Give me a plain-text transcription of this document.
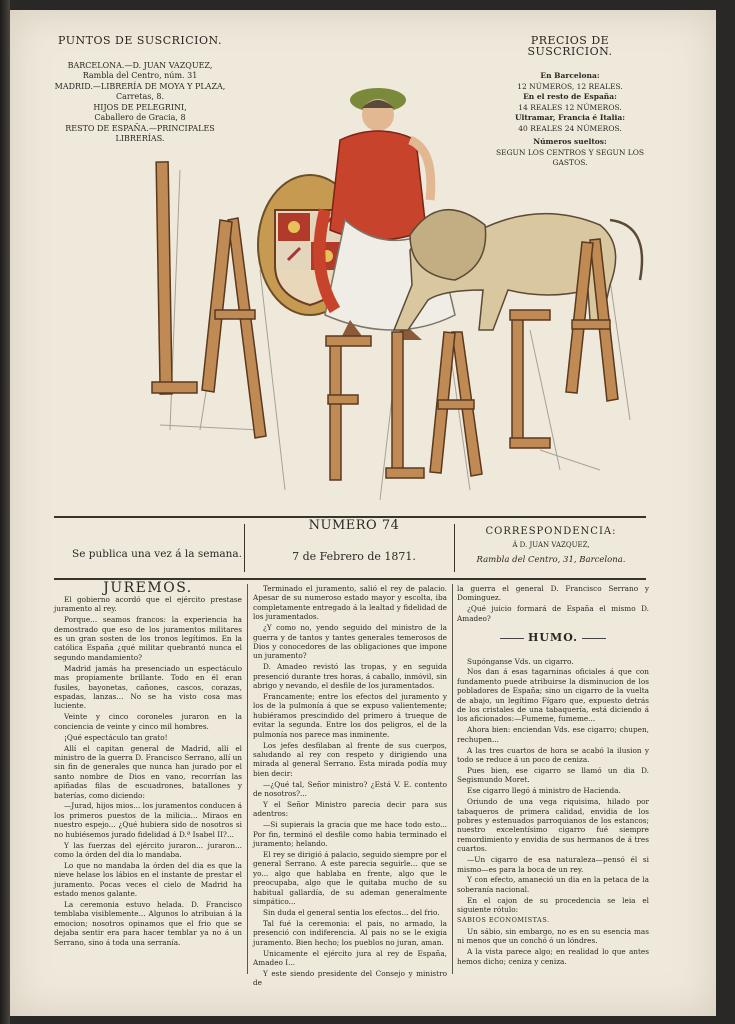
PUNTOS DE SUSCRICION.
BARCELONA.—D. JUAN VAZQUEZ,
Rambla del Centro, núm. 31
MADRID.—LIBRERÍA DE MOYA Y PLAZA,
Carretas, 8.
HIJOS DE PELEGRINI,
Caballero de Gracia, 8
RESTO DE ESPAÑA.—PRINCIPALES
LIBRERÍAS.
PRECIOS DE SUSCRICION.
En Barcelona:
12 NÚMEROS, 12 REALES.
En el resto de España:
14 REALES 12 NÚMEROS.
Ultramar, Francia é Italia:
40 REALES 24 NÚMEROS.
Números sueltos:
SEGUN LOS CENTROS Y SEGUN LOS GASTOS.
LA FLACA
Se publica una vez á la semana.
NÚMERO 74
7 de Febrero de 1871.
CORRESPONDENCIA:
Á D. JUAN VAZQUEZ,
Rambla del Centro, 31, Barcelona.

JUREMOS.

El gobierno acordó que el ejército prestase juramento al rey.

Porque... seamos francos: la experiencia ha demostrado que eso de los juramentos militares es un gran sosten de los tronos legítimos. En la católica España ¿qué militar quebrantó nunca el segundo mandamiento?

Madrid jamás ha presenciado un espectáculo mas propiamente brillante. Todo en él eran fusiles, bayonetas, cañones, cascos, corazas, espadas, lanzas... No se ha visto cosa mas luciente.

Veinte y cinco coroneles juraron en la conciencia de veinte y cinco mil hombres.

¡Qué espectáculo tan grato!

Allí el capitan general de Madrid, allí el ministro de la guerra D. Francisco Serrano, allí un sin fin de generales que nunca han jurado por el santo nombre de Dios en vano, recorrían las apiñadas filas de escuadrones, batallones y baterías, como diciendo:

—Jurad, hijos mios... los juramentos conducen á los primeros puestos de la milicia... Miraos en nuestro espejo... ¿Qué hubiera sido de nosotros si no hubiésemos jurado fidelidad á D.ª Isabel II?...

Y las fuerzas del ejército juraron... juraron... como la órden del dia lo mandaba.

Lo que no mandaba la órden del dia es que la nieve helase los lábios en el instante de prestar el juramento. Pocas veces el cielo de Madrid ha estado menos galante.

La ceremonia estuvo helada. D. Francisco temblaba visiblemente... Algunos lo atribuian á la emocion; nosotros opinamos que el frio que se dejaba sentir era para hacer temblar ya no á un Serrano, sino á toda una serranía.

Terminado el juramento, salió el rey de palacio. Apesar de su numeroso estado mayor y escolta, iba completamente entregado á la lealtad y fidelidad de los juramentados.

¿Y como no, yendo seguido del ministro de la guerra y de tantos y tantes generales temerosos de Dios y conocedores de las obligaciones que impone un juramento?

D. Amadeo revistó las tropas, y en seguida presenció durante tres horas, á caballo, inmóvil, sin abrigo y nevando, el desfile de los juramentados.

Francamente; entre los efectos del juramento y los de la pulmonía á que se expuso valientemente; hubiéramos prescindido del primero á trueque de evitar la segunda. Entre los dos peligros, el de la pulmonía nos parece mas inminente.

Los jefes desfilaban al frente de sus cuerpos, saludando al rey con respeto y dirigiendo una mirada al general Serrano. Esta mirada podía muy bien decir:

—¿Qué tal, Señor ministro? ¿Está V. E. contento de nosotros?...

Y el Señor Ministro parecia decir para sus adentros:

—Si supierais la gracia que me hace todo esto... Por fin, terminó el desfile como habia terminado el juramento; helando.

El rey se dirigió á palacio, seguido siempre por el general Serrano. A este parecia seguirle... que se yo... algo que hablaba en frente, algo que le preocupaba, algo que le quitaba mucho de su habitual gallardía, de su ademan generalmente simpático...

Sin duda el general sentia los efectos... del frio.

Tal fué la ceremonia: el pais, no armado, la presenció con indiferencia. Al pais no se le exigia juramento. Bien hecho; los pueblos no juran, aman.

Unicamente el ejército jura al rey de España, Amadeo I...

Y este siendo presidente del Consejo y ministro de

la guerra el general D. Francisco Serrano y Dominguez.

¿Qué juicio formará de España el mismo D. Amadeo?

HUMO.

Supónganse Vds. un cigarro.

Nos dan á esas tagarninas oficiales á que con fundamento puede atribuirse la disminucion de los pobladores de España; sino un cigarro de la vuelta de abajo, un legítimo Fígaro que, expuesto detrás de los cristales de una tabaquería, está diciendo á los aficionados:—Fumeme, fumeme...

Ahora bien: enciendan Vds. ese cigarro; chupen, rechupen...

A las tres cuartos de hora se acabó la ilusion y todo se reduce á un poco de ceniza.

Pues bien, ese cigarro se llamó un dia D. Segismundo Moret.

Ese cigarro llegó á ministro de Hacienda.

Oriundo de una vega riquisima, hilado por tabaqueros de primera calidad, envidia de los pobres y estenuados parroquianos de los estancos; nuestro excelentísimo cigarro fué siempre remordimiento y envidia de sus hermanos de á tres cuartos.

—Un cigarro de esa naturaleza—pensó él si mismo—es para la boca de un rey.

Y con efecto, amaneció un dia en la petaca de la soberanía nacional.

En el cajon de su procedencia se leia el siguiente rótulo:

SABIOS ECONOMISTAS.

Un sábio, sin embargo, no es en su esencia mas ni menos que un conchó ó un lóndres.

A la vista parece algo; en realidad lo que antes hemos dicho; ceniza y ceniza.
